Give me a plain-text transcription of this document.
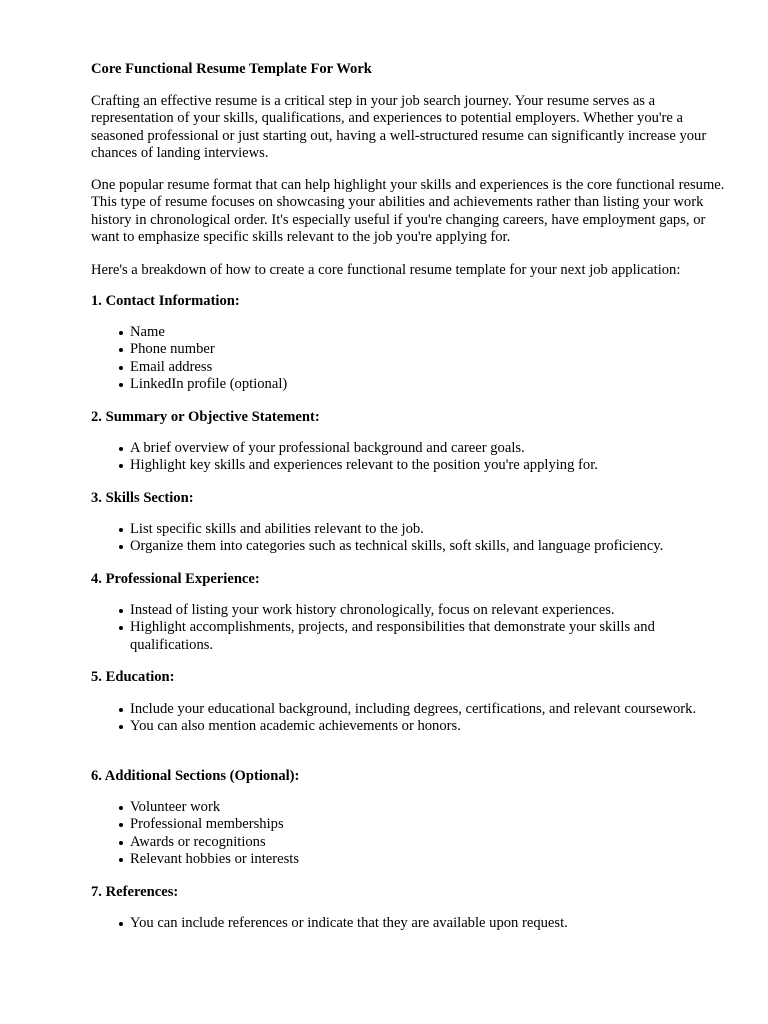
Core Functional Resume Template For Work

Crafting an effective resume is a critical step in your job search journey. Your resume serves as a representation of your skills, qualifications, and experiences to potential employers. Whether you're a seasoned professional or just starting out, having a well-structured resume can significantly increase your chances of landing interviews.

One popular resume format that can help highlight your skills and experiences is the core functional resume. This type of resume focuses on showcasing your abilities and achievements rather than listing your work history in chronological order. It's especially useful if you're changing careers, have employment gaps, or want to emphasize specific skills relevant to the job you're applying for.

Here's a breakdown of how to create a core functional resume template for your next job application:

1. Contact Information:

Name
Phone number
Email address
LinkedIn profile (optional)

2. Summary or Objective Statement:

A brief overview of your professional background and career goals.
Highlight key skills and experiences relevant to the position you're applying for.

3. Skills Section:

List specific skills and abilities relevant to the job.
Organize them into categories such as technical skills, soft skills, and language proficiency.

4. Professional Experience:

Instead of listing your work history chronologically, focus on relevant experiences.
Highlight accomplishments, projects, and responsibilities that demonstrate your skills and qualifications.

5. Education:

Include your educational background, including degrees, certifications, and relevant coursework.
You can also mention academic achievements or honors.

6. Additional Sections (Optional):

Volunteer work
Professional memberships
Awards or recognitions
Relevant hobbies or interests

7. References:

You can include references or indicate that they are available upon request.
